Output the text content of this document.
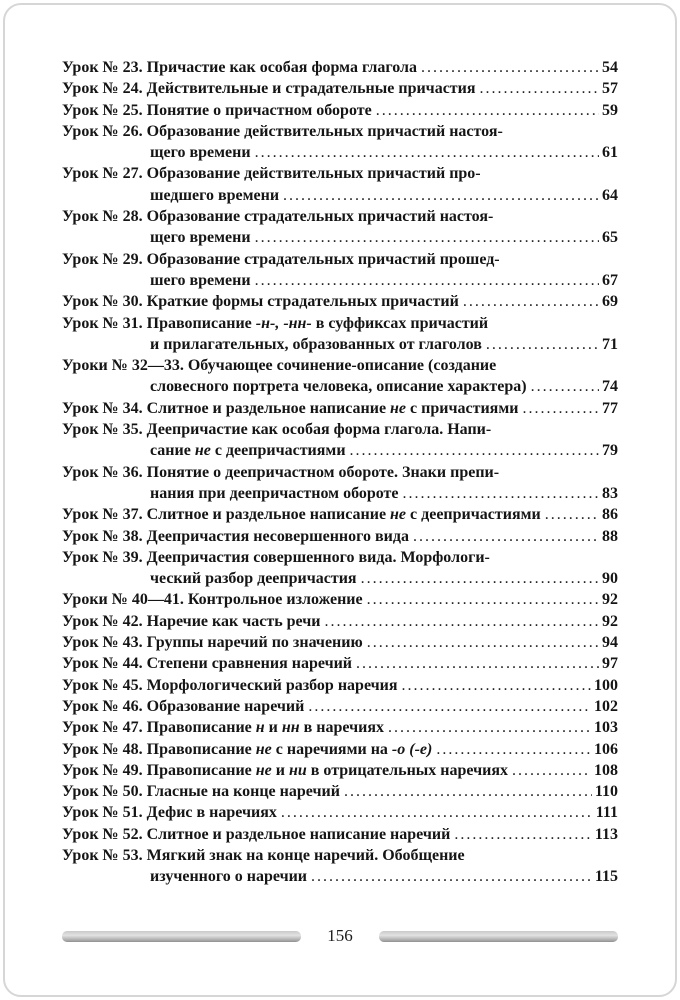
Урок № 23. Причастие как особая форма глагола .....	54
Урок № 24. Действительные и страдательные причастия .....	57
Урок № 25. Понятие о причастном обороте .....	59
Урок № 26. Образование действительных причастий настоя-
щего времени .....	61
Урок № 27. Образование действительных причастий про-
шедшего времени .....	64
Урок № 28. Образование страдательных причастий настоя-
щего времени .....	65
Урок № 29. Образование страдательных причастий прошед-
шего времени .....	67
Урок № 30. Краткие формы страдательных причастий .....	69
Урок № 31. Правописание -н-, -нн- в суффиксах причастий
и прилагательных, образованных от глаголов .....	71
Уроки № 32—33. Обучающее сочинение-описание (создание
словесного портрета человека, описание характера) .....	74
Урок № 34. Слитное и раздельное написание не с причастиями .....	77
Урок № 35. Деепричастие как особая форма глагола. Напи-
сание не с деепричастиями .....	79
Урок № 36. Понятие о деепричастном обороте. Знаки препи-
нания при деепричастном обороте .....	83
Урок № 37. Слитное и раздельное написание не с деепричастиями .....	86
Урок № 38. Деепричастия несовершенного вида .....	88
Урок № 39. Деепричастия совершенного вида. Морфологи-
ческий разбор деепричастия .....	90
Уроки № 40—41. Контрольное изложение .....	92
Урок № 42. Наречие как часть речи .....	92
Урок № 43. Группы наречий по значению .....	94
Урок № 44. Степени сравнения наречий .....	97
Урок № 45. Морфологический разбор наречия .....	100
Урок № 46. Образование наречий .....	102
Урок № 47. Правописание н и нн в наречиях .....	103
Урок № 48. Правописание не с наречиями на -о (-е) .....	106
Урок № 49. Правописание не и ни в отрицательных наречиях .....	108
Урок № 50. Гласные на конце наречий .....	110
Урок № 51. Дефис в наречиях .....	111
Урок № 52. Слитное и раздельное написание наречий .....	113
Урок № 53. Мягкий знак на конце наречий. Обобщение
изученного о наречии .....	115
156
